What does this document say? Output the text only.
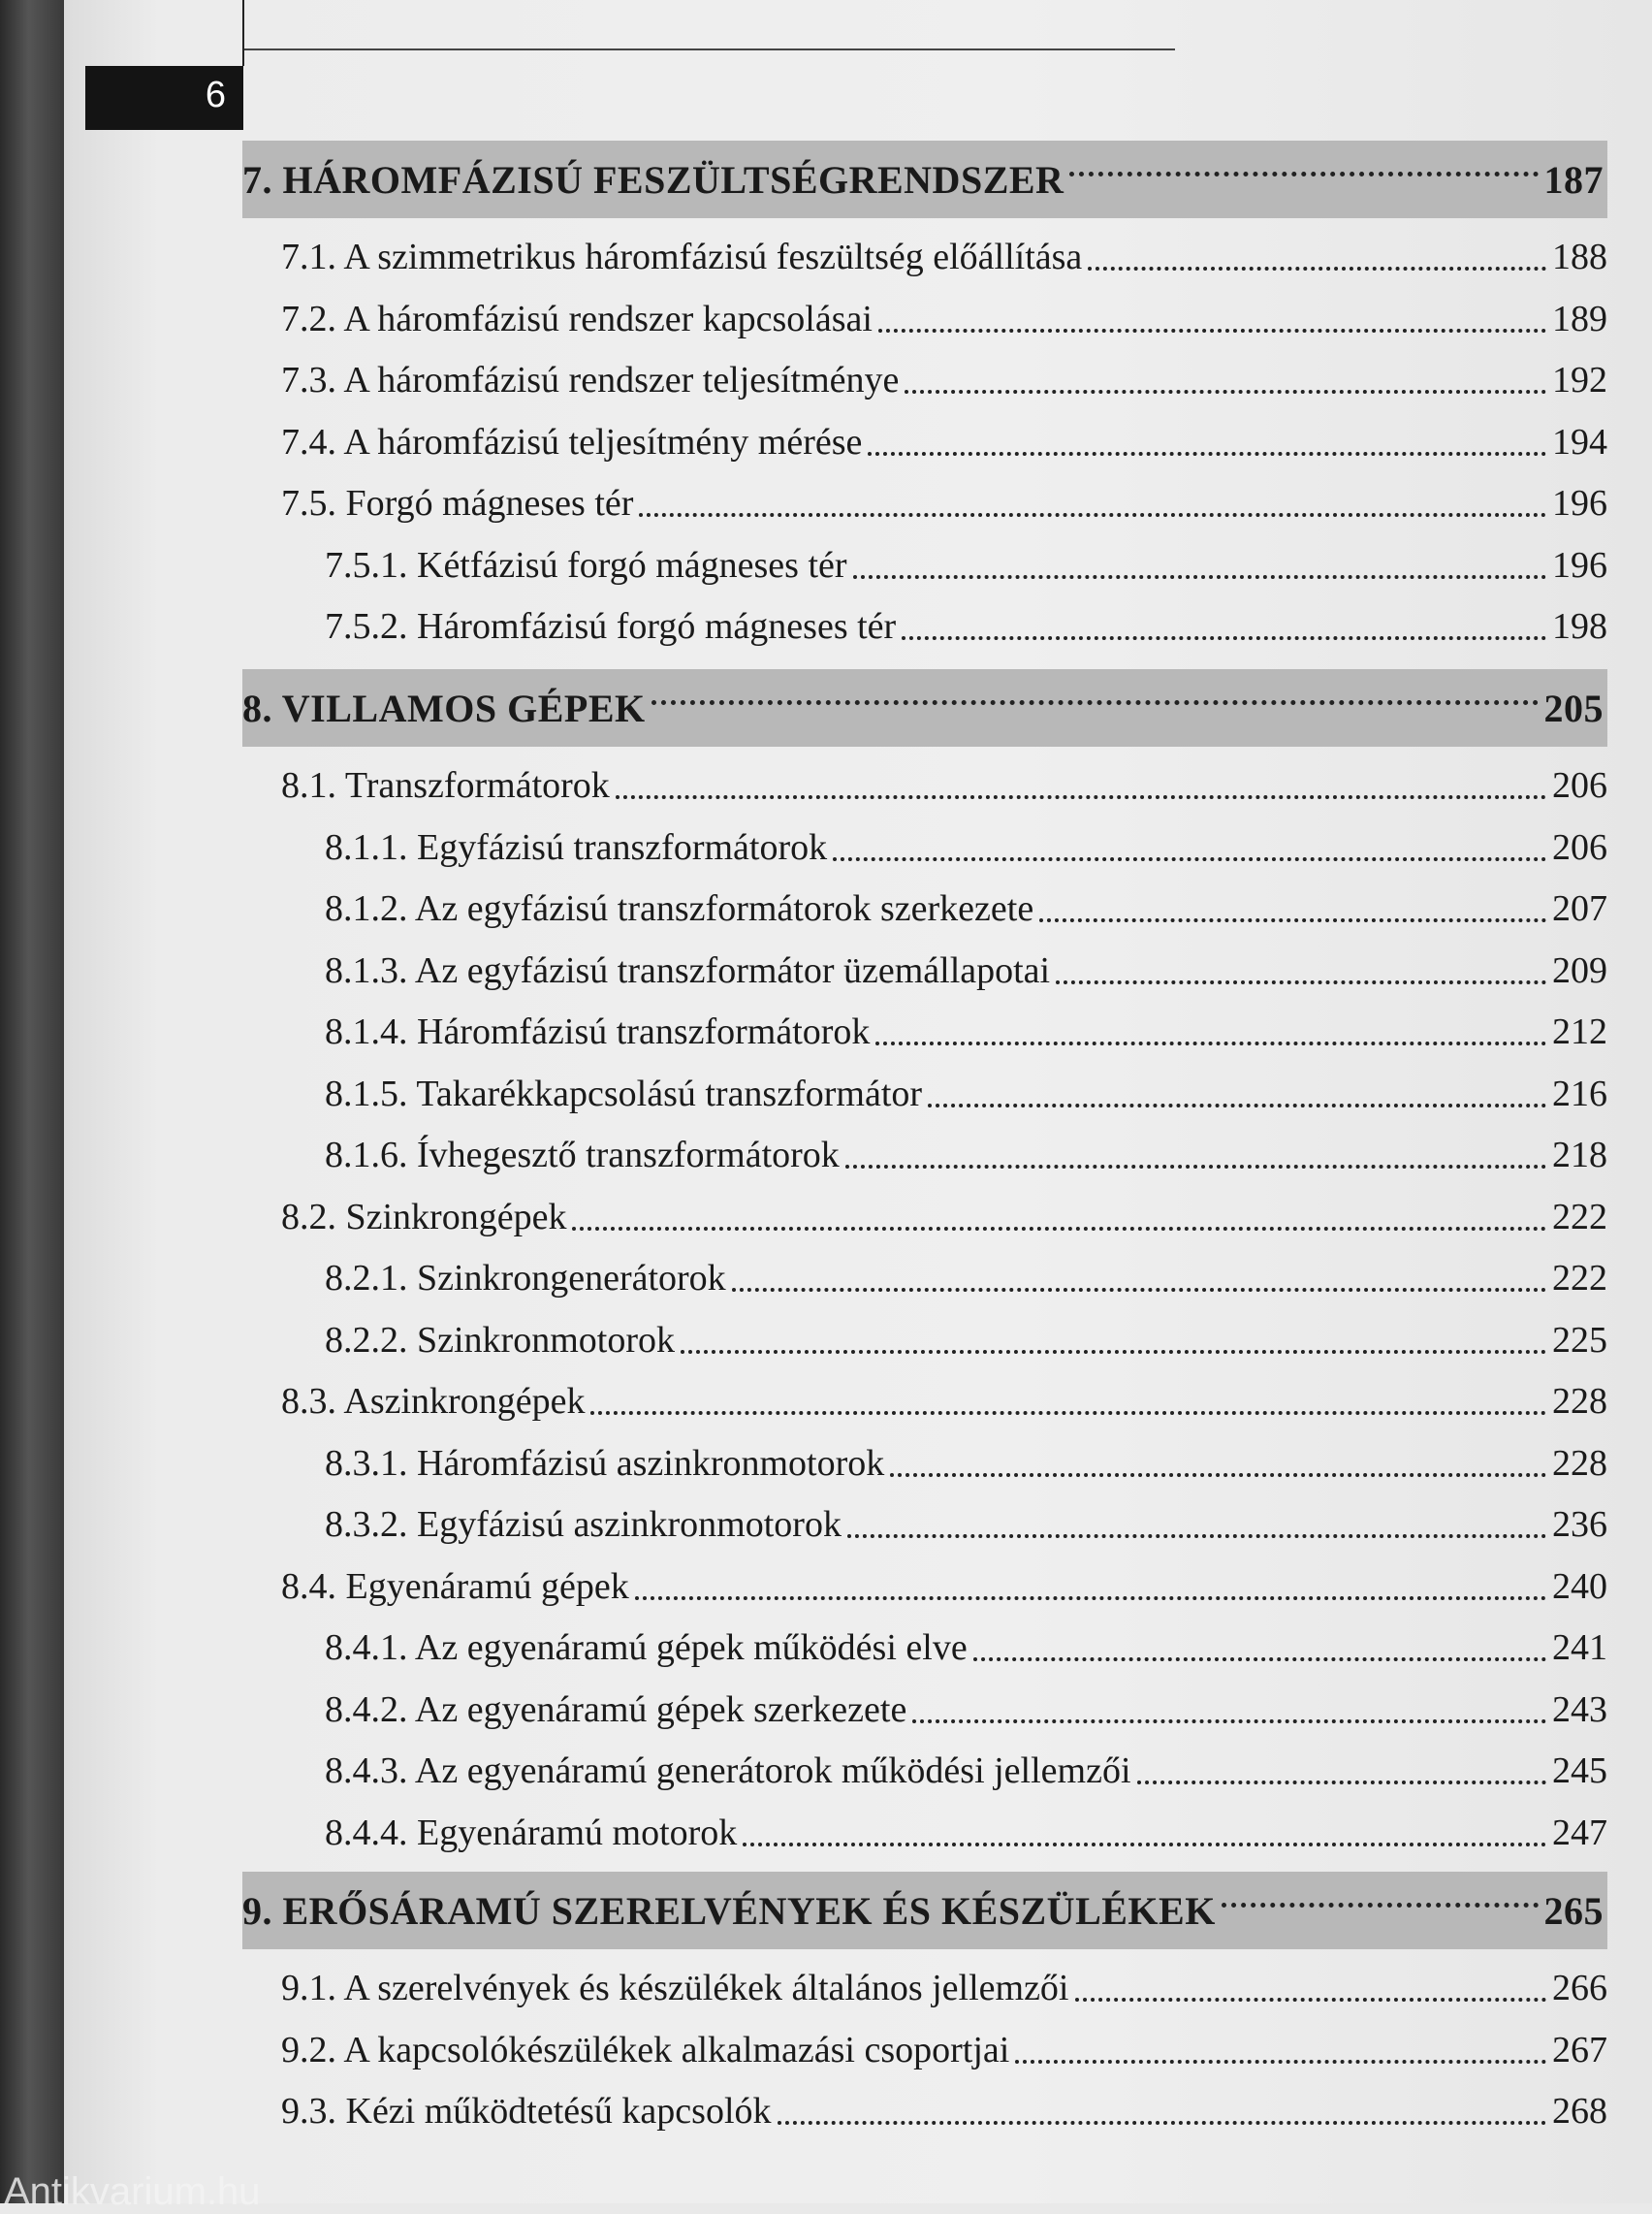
6
7. HÁROMFÁZISÚ FESZÜLTSÉGRENDSZER	187
7.1. A szimmetrikus háromfázisú feszültség előállítása	188
7.2. A háromfázisú rendszer kapcsolásai	189
7.3. A háromfázisú rendszer teljesítménye	192
7.4. A háromfázisú teljesítmény mérése	194
7.5. Forgó mágneses tér	196
7.5.1. Kétfázisú forgó mágneses tér	196
7.5.2. Háromfázisú forgó mágneses tér	198
8. VILLAMOS GÉPEK	205
8.1. Transzformátorok	206
8.1.1. Egyfázisú transzformátorok	206
8.1.2. Az egyfázisú transzformátorok szerkezete	207
8.1.3. Az egyfázisú transzformátor üzemállapotai	209
8.1.4. Háromfázisú transzformátorok	212
8.1.5. Takarékkapcsolású transzformátor	216
8.1.6. Ívhegesztő transzformátorok	218
8.2. Szinkrongépek	222
8.2.1. Szinkrongenerátorok	222
8.2.2. Szinkronmotorok	225
8.3. Aszinkrongépek	228
8.3.1. Háromfázisú aszinkronmotorok	228
8.3.2. Egyfázisú aszinkronmotorok	236
8.4. Egyenáramú gépek	240
8.4.1. Az egyenáramú gépek működési elve	241
8.4.2. Az egyenáramú gépek szerkezete	243
8.4.3. Az egyenáramú generátorok működési jellemzői	245
8.4.4. Egyenáramú motorok	247
9. ERŐSÁRAMÚ SZERELVÉNYEK ÉS KÉSZÜLÉKEK	265
9.1. A szerelvények és készülékek általános jellemzői	266
9.2. A kapcsolókészülékek alkalmazási csoportjai	267
9.3. Kézi működtetésű kapcsolók	268
Antikvarium.hu
